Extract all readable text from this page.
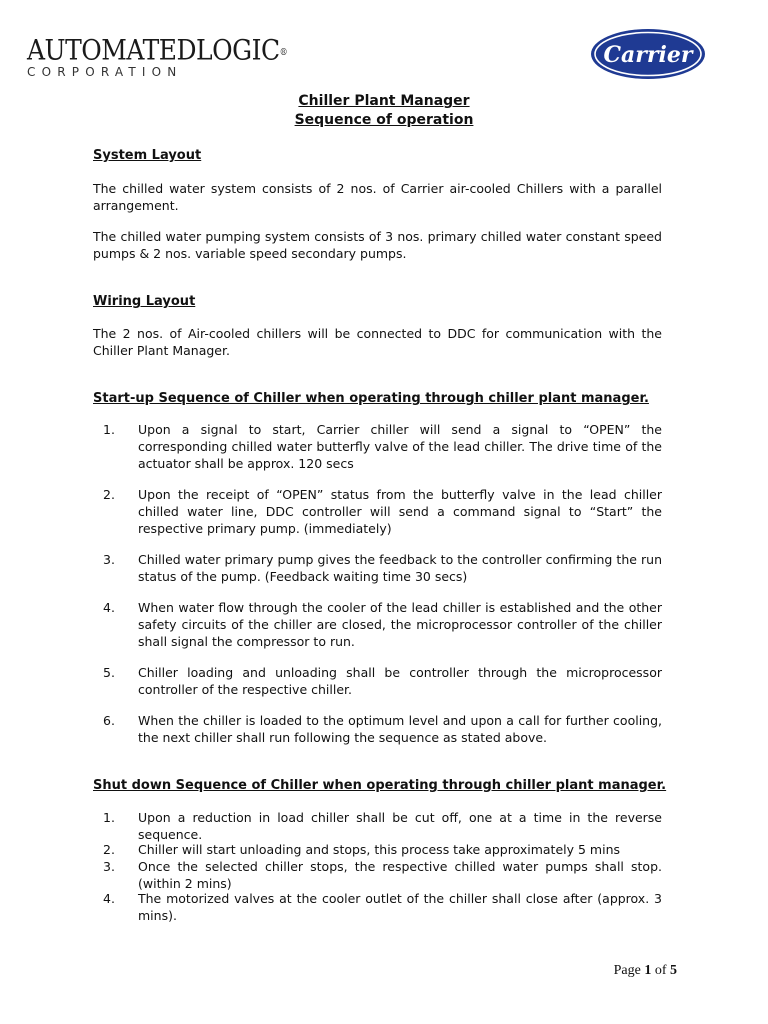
AUTOMATEDLOGIC®
CORPORATION
Carrier
Chiller Plant Manager
Sequence of operation
System Layout

The chilled water system consists of 2 nos. of Carrier air-cooled Chillers with a parallel arrangement.

The chilled water pumping system consists of 3 nos. primary chilled water constant speed pumps & 2 nos. variable speed secondary pumps.

Wiring Layout

The 2 nos. of Air-cooled chillers will be connected to DDC for communication with the Chiller Plant Manager.

Start-up Sequence of Chiller when operating through chiller plant manager.
1.	Upon a signal to start, Carrier chiller will send a signal to “OPEN” the corresponding chilled water butterfly valve of the lead chiller. The drive time of the actuator shall be approx. 120 secs
2.	Upon the receipt of “OPEN” status from the butterfly valve in the lead chiller chilled water line, DDC controller will send a command signal to “Start” the respective primary pump. (immediately)
3.	Chilled water primary pump gives the feedback to the controller confirming the run status of the pump. (Feedback waiting time 30 secs)
4.	When water flow through the cooler of the lead chiller is established and the other safety circuits of the chiller are closed, the microprocessor controller of the chiller shall signal the compressor to run.
5.	Chiller loading and unloading shall be controller through the microprocessor controller of the respective chiller.
6.	When the chiller is loaded to the optimum level and upon a call for further cooling, the next chiller shall run following the sequence as stated above.
Shut down Sequence of Chiller when operating through chiller plant manager.
1.	Upon a reduction in load chiller shall be cut off, one at a time in the reverse sequence.
2.	Chiller will start unloading and stops, this process take approximately 5 mins
3.	Once the selected chiller stops, the respective chilled water pumps shall stop. (within 2 mins)
4.	The motorized valves at the cooler outlet of the chiller shall close after (approx. 3 mins).
Page 1 of 5
